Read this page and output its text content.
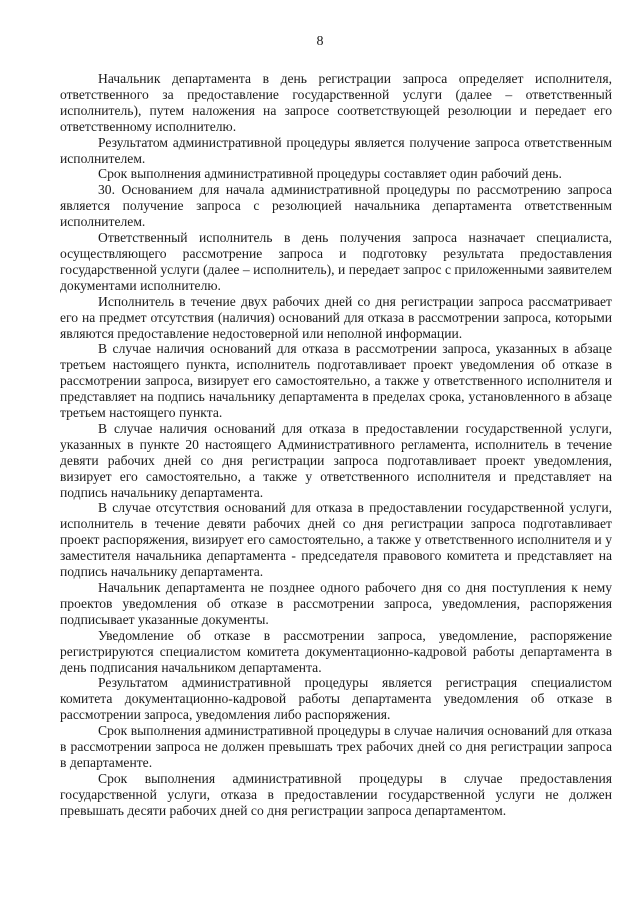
8

Начальник департамента в день регистрации запроса определяет исполнителя, ответственного за предоставление государственной услуги (далее – ответственный исполнитель), путем наложения на запросе соответствующей резолюции и передает его ответственному исполнителю.

Результатом административной процедуры является получение запроса ответственным исполнителем.

Срок выполнения административной процедуры составляет один рабочий день.

30. Основанием для начала административной процедуры по рассмотрению запроса является получение запроса с резолюцией начальника департамента ответственным исполнителем.

Ответственный исполнитель в день получения запроса назначает специалиста, осуществляющего рассмотрение запроса и подготовку результата предоставления государственной услуги (далее – исполнитель), и передает запрос с приложенными заявителем документами исполнителю.

Исполнитель в течение двух рабочих дней со дня регистрации запроса рассматривает его на предмет отсутствия (наличия) оснований для отказа в рассмотрении запроса, которыми являются предоставление недостоверной или неполной информации.

В случае наличия оснований для отказа в рассмотрении запроса, указанных в абзаце третьем настоящего пункта, исполнитель подготавливает проект уведомления об отказе в рассмотрении запроса, визирует его самостоятельно, а также у ответственного исполнителя и представляет на подпись начальнику департамента в пределах срока, установленного в абзаце третьем настоящего пункта.

В случае наличия оснований для отказа в предоставлении государственной услуги, указанных в пункте 20 настоящего Административного регламента, исполнитель в течение девяти рабочих дней со дня регистрации запроса подготавливает проект уведомления, визирует его самостоятельно, а также у ответственного исполнителя и представляет на подпись начальнику департамента.

В случае отсутствия оснований для отказа в предоставлении государственной услуги, исполнитель в течение девяти рабочих дней со дня регистрации запроса подготавливает проект распоряжения, визирует его самостоятельно, а также у ответственного исполнителя и у заместителя начальника департамента - председателя правового комитета и представляет на подпись начальнику департамента.

Начальник департамента не позднее одного рабочего дня со дня поступления к нему проектов уведомления об отказе в рассмотрении запроса, уведомления, распоряжения подписывает указанные документы.

Уведомление об отказе в рассмотрении запроса, уведомление, распоряжение регистрируются специалистом комитета документационно-кадровой работы департамента в день подписания начальником департамента.

Результатом административной процедуры является регистрация специалистом комитета документационно-кадровой работы департамента уведомления об отказе в рассмотрении запроса, уведомления либо распоряжения.

Срок выполнения административной процедуры в случае наличия оснований для отказа в рассмотрении запроса не должен превышать трех рабочих дней со дня регистрации запроса в департаменте.

Срок выполнения административной процедуры в случае предоставления государственной услуги, отказа в предоставлении государственной услуги не должен превышать десяти рабочих дней со дня регистрации запроса департаментом.
